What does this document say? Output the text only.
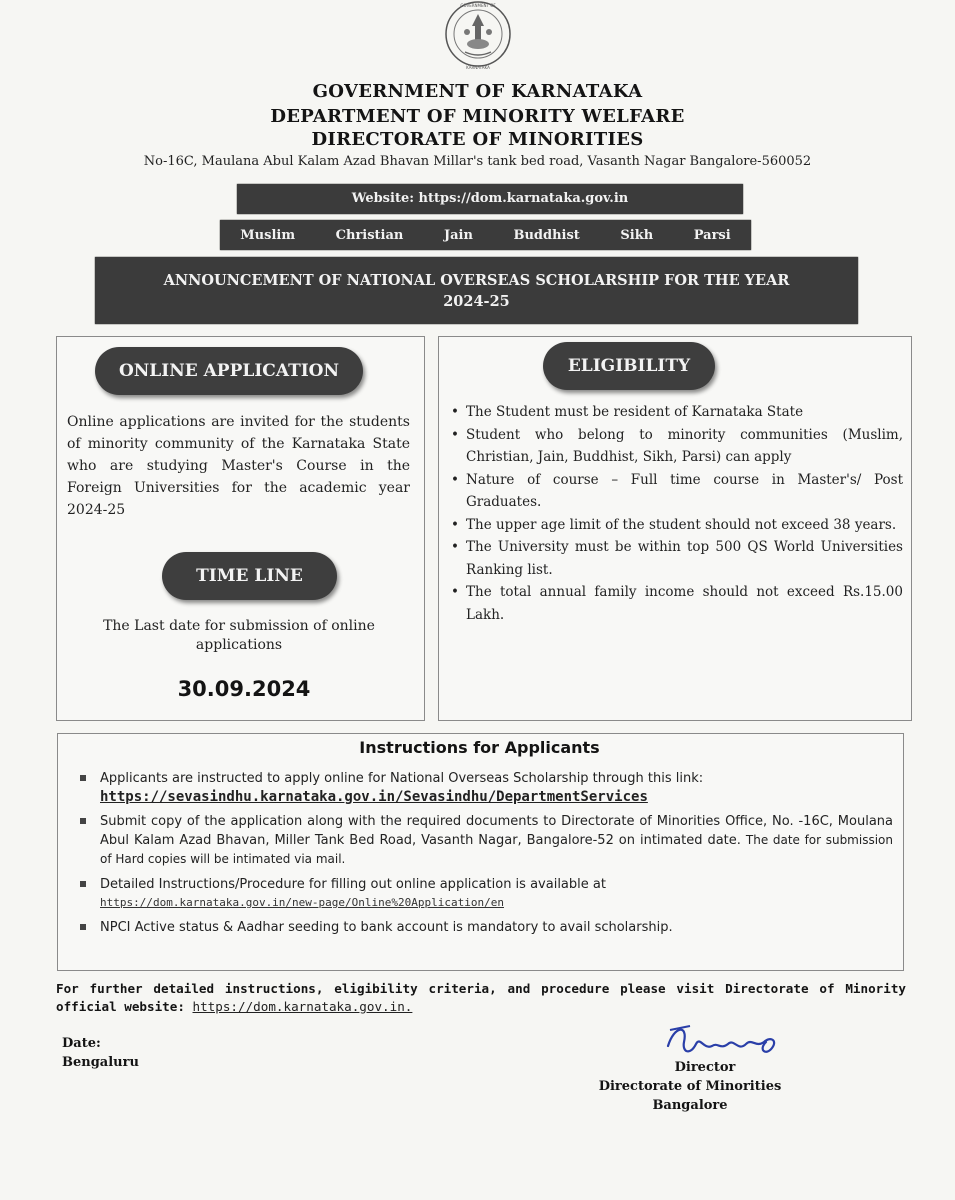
GOVERNMENT OF
KARNATAKA
GOVERNMENT OF KARNATAKA
DEPARTMENT OF MINORITY WELFARE
DIRECTORATE OF MINORITIES
No-16C, Maulana Abul Kalam Azad Bhavan Millar's tank bed road, Vasanth Nagar Bangalore-560052
Website: https://dom.karnataka.gov.in
Muslim	Christian	Jain	Buddhist	Sikh	Parsi
ANNOUNCEMENT OF NATIONAL OVERSEAS SCHOLARSHIP FOR THE YEAR
2024-25
ONLINE APPLICATION
Online applications are invited for the students of minority community of the Karnataka State who are studying Master's Course in the Foreign Universities for the academic year 2024-25
TIME LINE
The Last date for submission of online applications
30.09.2024
ELIGIBILITY
• The Student must be resident of Karnataka State
• Student who belong to minority communities (Muslim, Christian, Jain, Buddhist, Sikh, Parsi) can apply
• Nature of course – Full time course in Master's/ Post Graduates.
• The upper age limit of the student should not exceed 38 years.
• The University must be within top 500 QS World Universities Ranking list.
• The total annual family income should not exceed Rs.15.00 Lakh.
Instructions for Applicants
Applicants are instructed to apply online for National Overseas Scholarship through this link:
https://sevasindhu.karnataka.gov.in/Sevasindhu/DepartmentServices
Submit copy of the application along with the required documents to Directorate of Minorities Office, No. -16C, Moulana Abul Kalam Azad Bhavan, Miller Tank Bed Road, Vasanth Nagar, Bangalore-52 on intimated date. The date for submission of Hard copies will be intimated via mail.
Detailed Instructions/Procedure for filling out online application is available at
https://dom.karnataka.gov.in/new-page/Online%20Application/en
NPCI Active status & Aadhar seeding to bank account is mandatory to avail scholarship.
For further detailed instructions, eligibility criteria, and procedure please visit Directorate of Minority official website: https://dom.karnataka.gov.in.
Date:
Bengaluru	Director
Directorate of Minorities
Bangalore
